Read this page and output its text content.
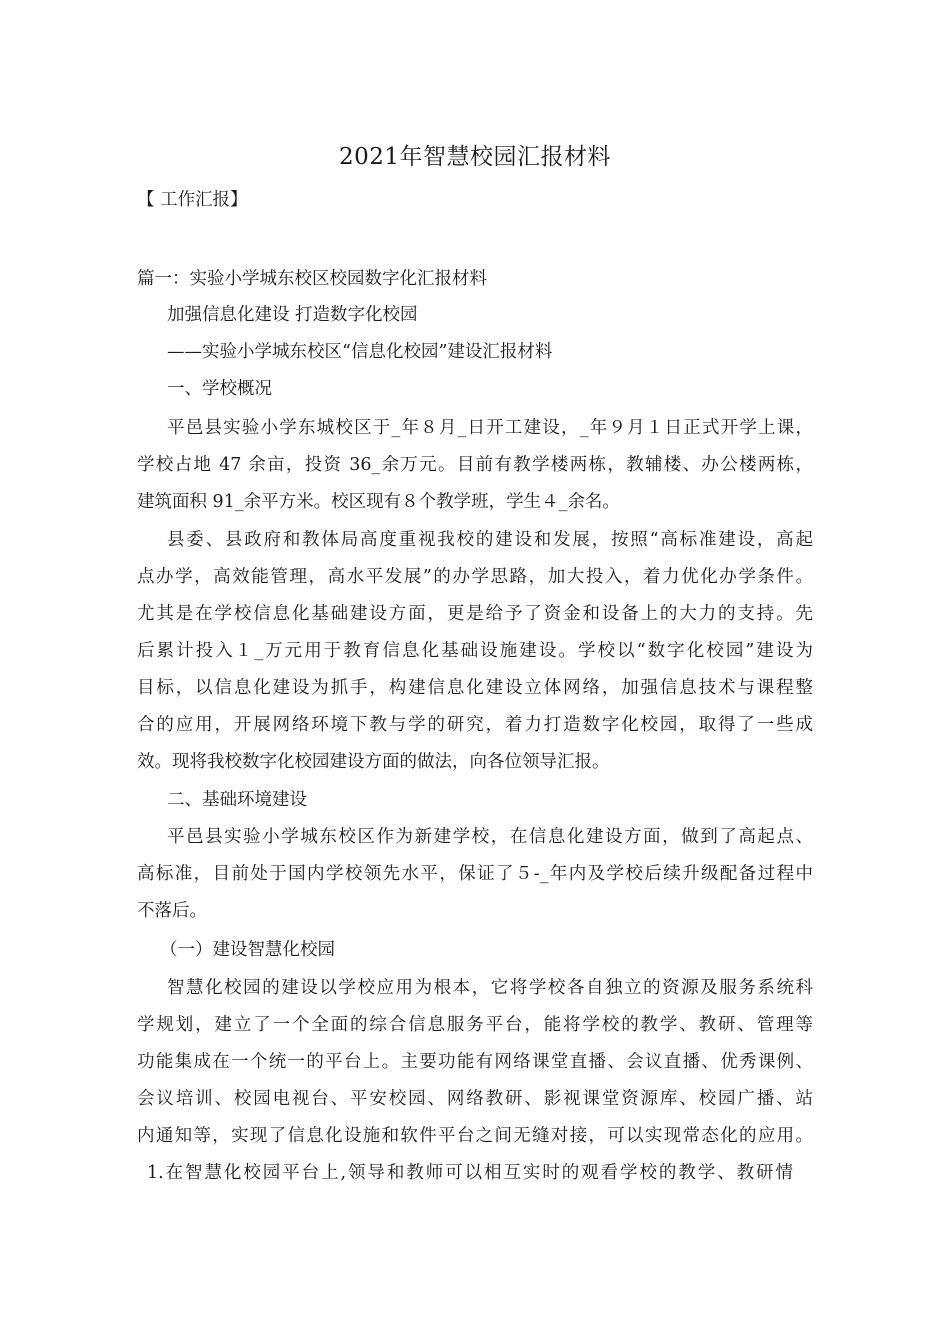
2021年智慧校园汇报材料
【 工作汇报】
篇一：实验小学城东校区校园数字化汇报材料
加强信息化建设 打造数字化校园
——实验小学城东校区“信息化校园”建设汇报材料
一、学校概况
平邑县实验小学东城校区于_年８月_日开工建设，_年９月１日正式开学上课，
学校占地 47 余亩，投资 36_余万元。目前有教学楼两栋，教辅楼、办公楼两栋，
建筑面积 91_余平方米。校区现有８个教学班，学生４_余名。
县委、县政府和教体局高度重视我校的建设和发展，按照“高标准建设，高起
点办学，高效能管理，高水平发展”的办学思路，加大投入，着力优化办学条件。
尤其是在学校信息化基础建设方面，更是给予了资金和设备上的大力的支持。先
后累计投入１_万元用于教育信息化基础设施建设。学校以“数字化校园”建设为
目标，以信息化建设为抓手，构建信息化建设立体网络，加强信息技术与课程整
合的应用，开展网络环境下教与学的研究，着力打造数字化校园，取得了一些成
效。现将我校数字化校园建设方面的做法，向各位领导汇报。
二、基础环境建设
平邑县实验小学城东校区作为新建学校，在信息化建设方面，做到了高起点、
高标准，目前处于国内学校领先水平，保证了５-_年内及学校后续升级配备过程中
不落后。
（一）建设智慧化校园
智慧化校园的建设以学校应用为根本，它将学校各自独立的资源及服务系统科
学规划，建立了一个全面的综合信息服务平台，能将学校的教学、教研、管理等
功能集成在一个统一的平台上。主要功能有网络课堂直播、会议直播、优秀课例、
会议培训、校园电视台、平安校园、网络教研、影视课堂资源库、校园广播、站
内通知等，实现了信息化设施和软件平台之间无缝对接，可以实现常态化的应用。
1.在智慧化校园平台上,领导和教师可以相互实时的观看学校的教学、教研情
